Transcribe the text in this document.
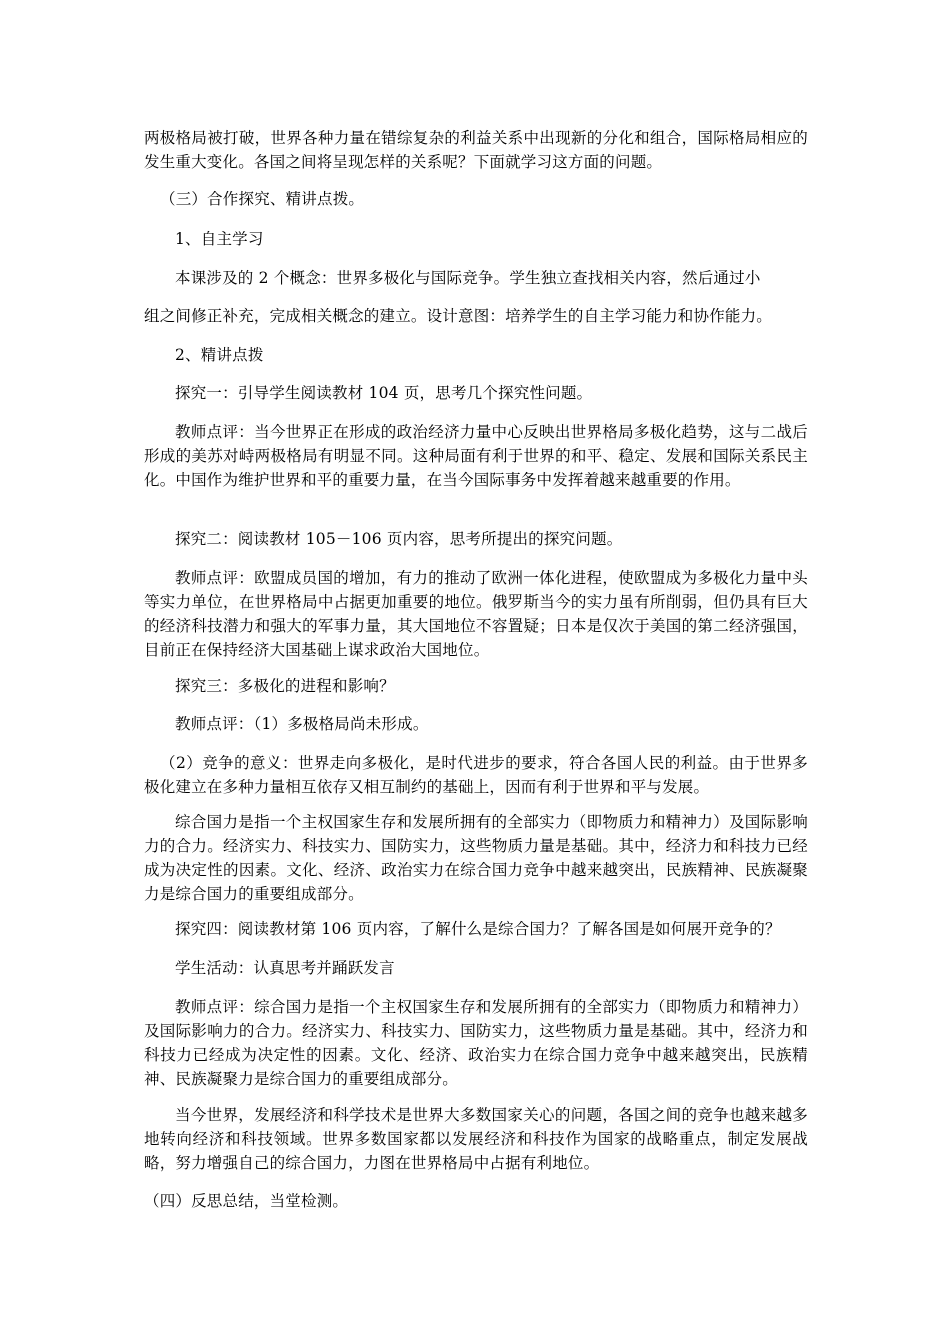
两极格局被打破，世界各种力量在错综复杂的利益关系中出现新的分化和组合，国际格局相应的发生重大变化。各国之间将呈现怎样的关系呢？下面就学习这方面的问题。

（三）合作探究、精讲点拨。

1、自主学习

本课涉及的 2 个概念：世界多极化与国际竞争。学生独立查找相关内容，然后通过小

组之间修正补充，完成相关概念的建立。设计意图：培养学生的自主学习能力和协作能力。

2、精讲点拨

探究一：引导学生阅读教材 104 页，思考几个探究性问题。

教师点评：当今世界正在形成的政治经济力量中心反映出世界格局多极化趋势，这与二战后形成的美苏对峙两极格局有明显不同。这种局面有利于世界的和平、稳定、发展和国际关系民主化。中国作为维护世界和平的重要力量，在当今国际事务中发挥着越来越重要的作用。

探究二：阅读教材 105－106 页内容，思考所提出的探究问题。

教师点评：欧盟成员国的增加，有力的推动了欧洲一体化进程，使欧盟成为多极化力量中头等实力单位，在世界格局中占据更加重要的地位。俄罗斯当今的实力虽有所削弱，但仍具有巨大的经济科技潜力和强大的军事力量，其大国地位不容置疑；日本是仅次于美国的第二经济强国，目前正在保持经济大国基础上谋求政治大国地位。

探究三：多极化的进程和影响？

教师点评：（1）多极格局尚未形成。

（2）竞争的意义：世界走向多极化，是时代进步的要求，符合各国人民的利益。由于世界多极化建立在多种力量相互依存又相互制约的基础上，因而有利于世界和平与发展。

综合国力是指一个主权国家生存和发展所拥有的全部实力（即物质力和精神力）及国际影响力的合力。经济实力、科技实力、国防实力，这些物质力量是基础。其中，经济力和科技力已经成为决定性的因素。文化、经济、政治实力在综合国力竞争中越来越突出，民族精神、民族凝聚力是综合国力的重要组成部分。

探究四：阅读教材第 106 页内容，了解什么是综合国力？了解各国是如何展开竞争的？

学生活动：认真思考并踊跃发言

教师点评：综合国力是指一个主权国家生存和发展所拥有的全部实力（即物质力和精神力）及国际影响力的合力。经济实力、科技实力、国防实力，这些物质力量是基础。其中，经济力和科技力已经成为决定性的因素。文化、经济、政治实力在综合国力竞争中越来越突出，民族精神、民族凝聚力是综合国力的重要组成部分。

当今世界，发展经济和科学技术是世界大多数国家关心的问题，各国之间的竞争也越来越多地转向经济和科技领域。世界多数国家都以发展经济和科技作为国家的战略重点，制定发展战略，努力增强自己的综合国力，力图在世界格局中占据有利地位。

（四）反思总结，当堂检测。
